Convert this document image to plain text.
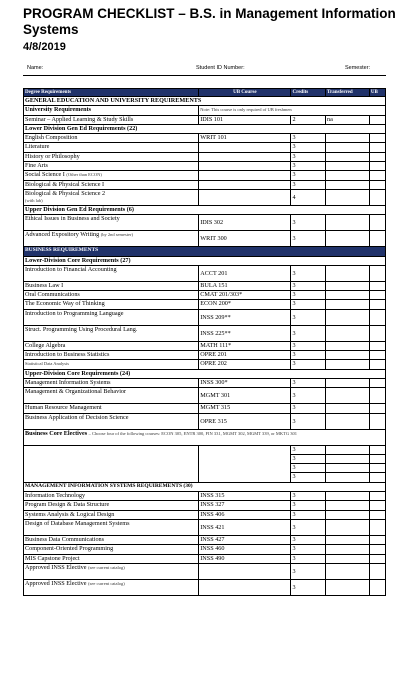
PROGRAM CHECKLIST – B.S. in Management Information Systems
4/8/2019
Name:	Student ID Number:	Semester:
Degree Requirements	UB Course	Credits	Transferred	UB
GENERAL EDUCATION AND UNIVERSITY REQUIREMENTS				
University Requirements	Note: This course is only required of UB freshmen			
Seminar – Applied Learning & Study Skills	IDIS 101	2	na	
Lower Division Gen Ed Requirements (22)				
English Composition	WRIT 101	3		
Literature		3		
History or Philosophy		3		
Fine Arts		3		
Social Science I (Other than ECON)		3		
Biological & Physical Science I		3		
Biological & Physical Science 2
(with lab)		4		
Upper Division Gen Ed Requirements (6)				
Ethical Issues in Business and Society	IDIS 302	3		
Advanced Expository Writing (by 2nd semester)	WRIT 300	3		
BUSINESS REQUIREMENTS				
Lower-Division Core Requirements (27)				
Introduction to Financial Accounting	ACCT 201	3		
Business Law I	BULA 151	3		
Oral Communications	CMAT 201/303*	3		
The Economic Way of Thinking	ECON 200*	3		
Introduction to Programming Language	INSS 209**	3		
Struct. Programming Using Procedural Lang.	INSS 225**	3		
College Algebra	MATH 111*	3		
Introduction to Business Statistics	OPRE 201	3		
Statistical Data Analysis	OPRE 202	3		
Upper-Division Core Requirements (24)				
Management Information Systems	INSS 300*	3		
Management & Organizational Behavior	MGMT 301	3		
Human Resource Management	MGMT 315	3		
Business Application of Decision Science	OPRE 315	3		
Business Core Electives – Choose four of the following courses: ECON 305, ENTR 300, FIN 331, MGMT 302, MGMT 339, or MKTG 301				
		3		
		3		
		3		
		3		
MANAGEMENT INFORMATION SYSTEMS REQUIREMENTS (30)				
Information Technology	INSS 315	3		
Program Design & Data Structure	INSS 327	3		
Systems Analysis & Logical Design	INSS 406	3		
Design of Database Management Systems	INSS 421	3		
Business Data Communications	INSS 427	3		
Component-Oriented Programming	INSS 460	3		
MIS Capstone Project	INSS 490	3		
Approved INSS Elective (see current catalog)		3		
Approved INSS Elective (see current catalog)		3		
